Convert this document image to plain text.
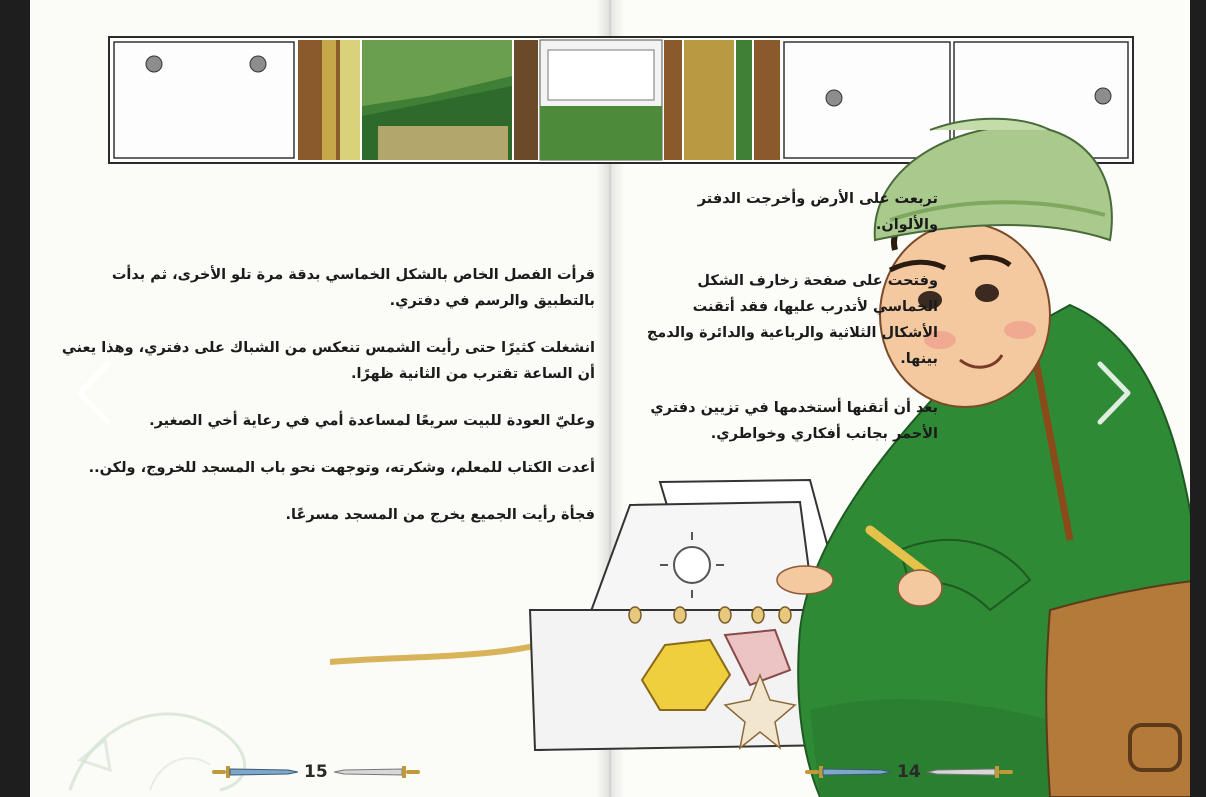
قرأت الفصل الخاص بالشكل الخماسي بدقة مرة تلو الأخرى، ثم بدأت بالتطبيق والرسم في دفتري.

انشغلت كثيرًا حتى رأيت الشمس تنعكس من الشباك على دفتري، وهذا يعني أن الساعة تقترب من الثانية ظهرًا.

وعليّ العودة للبيت سريعًا لمساعدة أمي في رعاية أخي الصغير.

أعدت الكتاب للمعلم، وشكرته، وتوجهت نحو باب المسجد للخروج، ولكن..

فجأة رأيت الجميع يخرج من المسجد مسرعًا.

تربعت على الأرض وأخرجت الدفتر والألوان.

وفتحت على صفحة زخارف الشكل الخماسي لأتدرب عليها، فقد أتقنت الأشكال الثلاثية والرباعية والدائرة والدمج بينها.

بعد أن أتقنها أستخدمها في تزيين دفتري الأحمر بجانب أفكاري وخواطري.

15	14
